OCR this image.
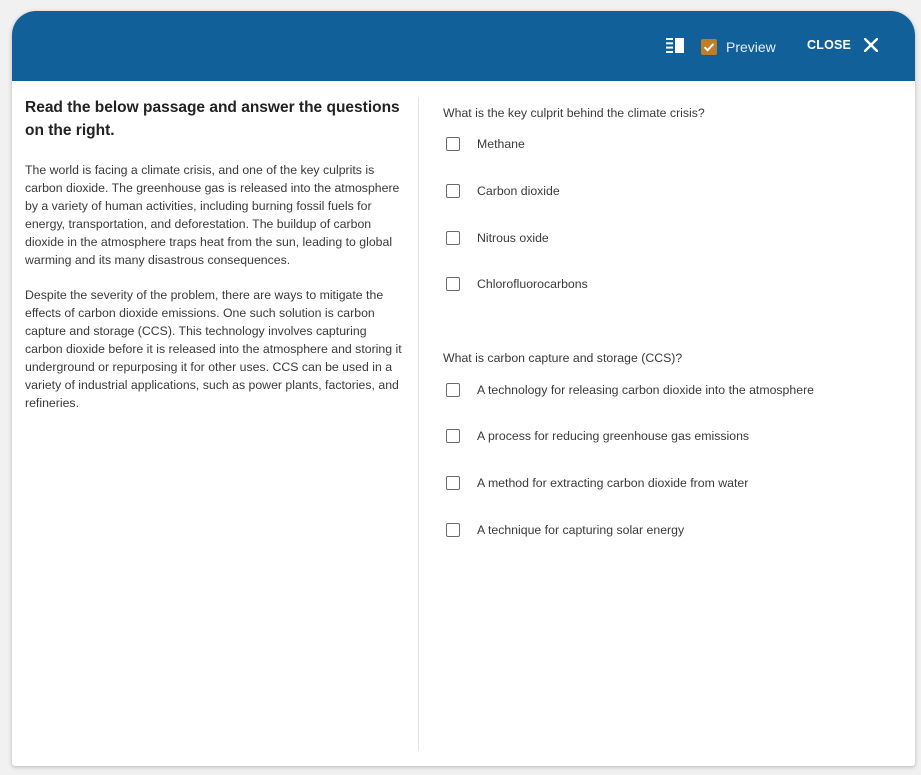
Preview CLOSE
Read the below passage and answer the questions on the right.

The world is facing a climate crisis, and one of the key culprits is carbon dioxide. The greenhouse gas is released into the atmosphere by a variety of human activities, including burning fossil fuels for energy, transportation, and deforestation. The buildup of carbon dioxide in the atmosphere traps heat from the sun, leading to global warming and its many disastrous consequences.

Despite the severity of the problem, there are ways to mitigate the effects of carbon dioxide emissions. One such solution is carbon capture and storage (CCS). This technology involves capturing carbon dioxide before it is released into the atmosphere and storing it underground or repurposing it for other uses. CCS can be used in a variety of industrial applications, such as power plants, factories, and refineries.

What is the key culprit behind the climate crisis?
Methane
Carbon dioxide
Nitrous oxide
Chlorofluorocarbons
What is carbon capture and storage (CCS)?
A technology for releasing carbon dioxide into the atmosphere
A process for reducing greenhouse gas emissions
A method for extracting carbon dioxide from water
A technique for capturing solar energy
